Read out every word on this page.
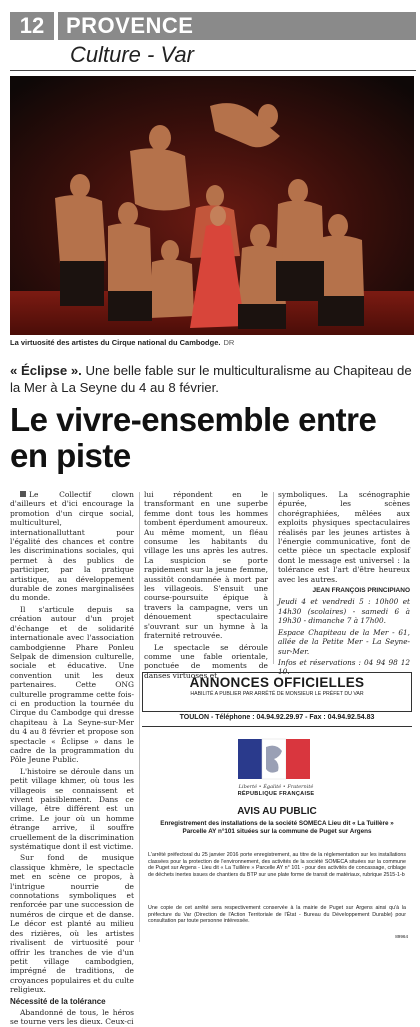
12 PROVENCE
Culture - Var
La virtuosité des artistes du Cirque national du Cambodge. DR
« Éclipse ». Une belle fable sur le multiculturalisme au Chapiteau de la Mer à La Seyne du 4 au 8 février.
Le vivre-ensemble entre en piste

Le Collectif clown d'ailleurs et d'ici encourage la promotion d'un cirque social, multiculturel, internationalluttant pour l'égalité des chances et contre les discriminations sociales, qui permet à des publics de participer, par la pratique artistique, au développement durable de zones marginalisées du monde.

Il s'articule depuis sa création autour d'un projet d'échange et de solidarité internationale avec l'association cambodgienne Phare Ponleu Selpak de dimension culturelle, sociale et éducative. Une convention unit les deux partenaires. Cette ONG culturelle programme cette fois-ci en production la tournée du Cirque du Cambodge qui dresse chapiteau à La Seyne-sur-Mer du 4 au 8 février et propose son spectacle « Éclipse » dans le cadre de la programmation du Pôle Jeune Public.

L'histoire se déroule dans un petit village khmer, où tous les villageois se connaissent et vivent paisiblement. Dans ce village, être différent est un crime. Le jour où un homme étrange arrive, il souffre cruellement de la discrimination systématique dont il est victime.

Sur fond de musique classique khmère, le spectacle met en scène ce propos, à l'intrigue nourrie de connotations symboliques et renforcée par une succession de numéros de cirque et de danse. Le décor est planté au milieu des rizières, où les artistes rivalisent de virtuosité pour offrir les tranches de vie d'un petit village cambodgien, imprégné de traditions, de croyances populaires et du culte religieux.

Nécessité de la tolérance

Abandonné de tous, le héros se tourne vers les dieux. Ceux-ci

lui répondent en le transformant en une superbe femme dont tous les hommes tombent éperdument amoureux. Au même moment, un fléau consume les habitants du village les uns après les autres. La suspicion se porte rapidement sur la jeune femme, aussitôt condamnée à mort par les villageois. S'ensuit une course-poursuite épique à travers la campagne, vers un dénouement spectaculaire s'ouvrant sur un hymne à la fraternité retrouvée.

Le spectacle se déroule comme une fable orientale, ponctuée de moments de danses virtuoses et

symboliques. La scénographie épurée, les scènes chorégraphiées, mêlées aux exploits physiques spectaculaires réalisés par les jeunes artistes à l'énergie communicative, font de cette pièce un spectacle explosif dont le message est universel : la tolérance est l'art d'être heureux avec les autres.

JEAN FRANÇOIS PRINCIPIANO

Jeudi 4 et vendredi 5 : 10h00 et 14h30 (scolaires) - samedi 6 à 19h30 - dimanche 7 à 17h00.

Espace Chapiteau de la Mer - 61, allée de la Petite Mer - La Seyne-sur-Mer.

Infos et réservations : 04 94 98 12 10.

ANNONCES OFFICIELLES
HABILITÉ A PUBLIER PAR ARRÊTÉ DE MONSIEUR LE PRÉFET DU VAR
TOULON - Téléphone : 04.94.92.29.97 - Fax : 04.94.92.54.83
Liberté • Égalité • Fraternité
RÉPUBLIQUE FRANÇAISE
AVIS AU PUBLIC
Enregistrement des installations de la société SOMECA Lieu dit « La Tuillère » Parcelle AY n°101 situées sur la commune de Puget sur Argens
L'arrêté préfectoral du 25 janvier 2016 porte enregistrement, au titre de la réglementation sur les installations classées pour la protection de l'environnement, des activités de la société SOMECA situées sur la commune de Puget sur Argens - Lieu dit « La Tuillère » Parcelle AY n° 101 - pour des activités de concassage, criblage de déchets inertes issues de chantiers du BTP sur une plate forme de transit de matériaux, rubrique 2515-1-b
Une copie de cet arrêté sera respectivement conservée à la mairie de Puget sur Argens ainsi qu'à la préfecture du Var (Direction de l'Action Territoriale de l'État - Bureau du Développement Durable) pour consultation par toute personne intéressée.
89964
